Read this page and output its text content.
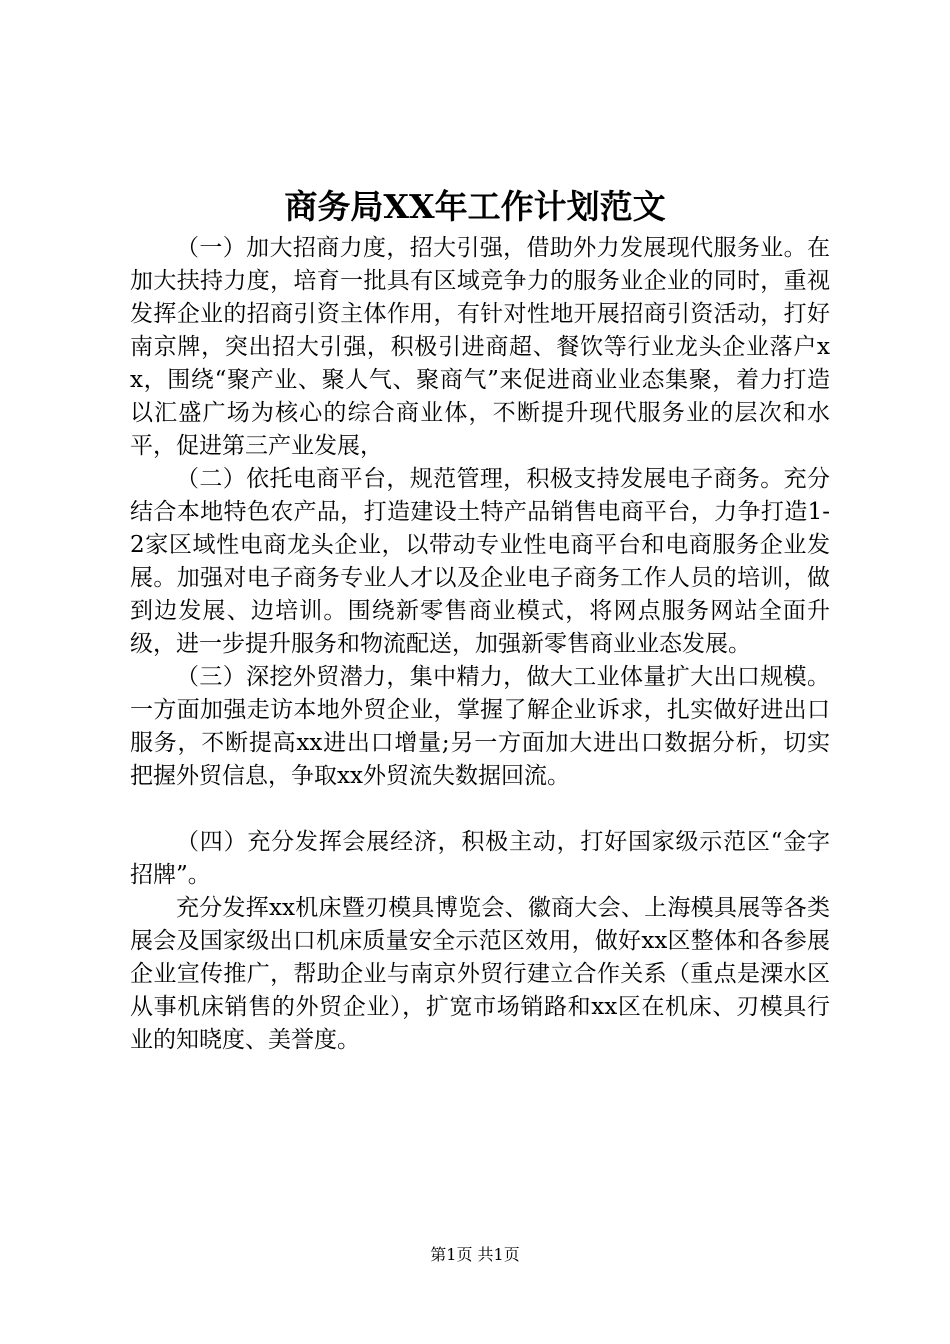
商务局XX年工作计划范文

（一）加大招商力度，招大引强，借助外力发展现代服务业。在加大扶持力度，培育一批具有区域竞争力的服务业企业的同时，重视发挥企业的招商引资主体作用，有针对性地开展招商引资活动，打好南京牌，突出招大引强，积极引进商超、餐饮等行业龙头企业落户xx，围绕“聚产业、聚人气、聚商气”来促进商业业态集聚，着力打造以汇盛广场为核心的综合商业体，不断提升现代服务业的层次和水平，促进第三产业发展，

（二）依托电商平台，规范管理，积极支持发展电子商务。充分结合本地特色农产品，打造建设土特产品销售电商平台，力争打造1-2家区域性电商龙头企业，以带动专业性电商平台和电商服务企业发展。加强对电子商务专业人才以及企业电子商务工作人员的培训，做到边发展、边培训。围绕新零售商业模式，将网点服务网站全面升级，进一步提升服务和物流配送，加强新零售商业业态发展。

（三）深挖外贸潜力，集中精力，做大工业体量扩大出口规模。一方面加强走访本地外贸企业，掌握了解企业诉求，扎实做好进出口服务，不断提高xx进出口增量;另一方面加大进出口数据分析，切实把握外贸信息，争取xx外贸流失数据回流。

（四）充分发挥会展经济，积极主动，打好国家级示范区“金字招牌”。

充分发挥xx机床暨刃模具博览会、徽商大会、上海模具展等各类展会及国家级出口机床质量安全示范区效用，做好xx区整体和各参展企业宣传推广，帮助企业与南京外贸行建立合作关系（重点是溧水区从事机床销售的外贸企业），扩宽市场销路和xx区在机床、刃模具行业的知晓度、美誉度。

第1页 共1页
